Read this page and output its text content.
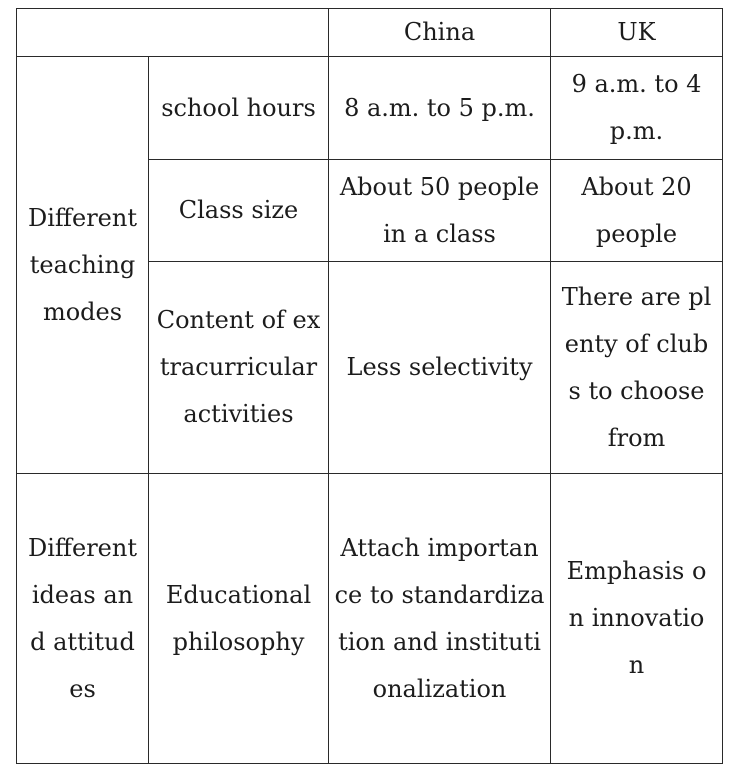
		China	UK
Different teaching modes	school hours	8 a.m. to 5 p.m.	9 a.m. to 4 p.m.
	Class size	About 50 people in a class	About 20 people
	Content of extracurricular activities	Less selectivity	There are plenty of clubs to choose from
Different ideas and attitudes	Educational philosophy	Attach importance to standardization and institutionalization	Emphasis on innovation
